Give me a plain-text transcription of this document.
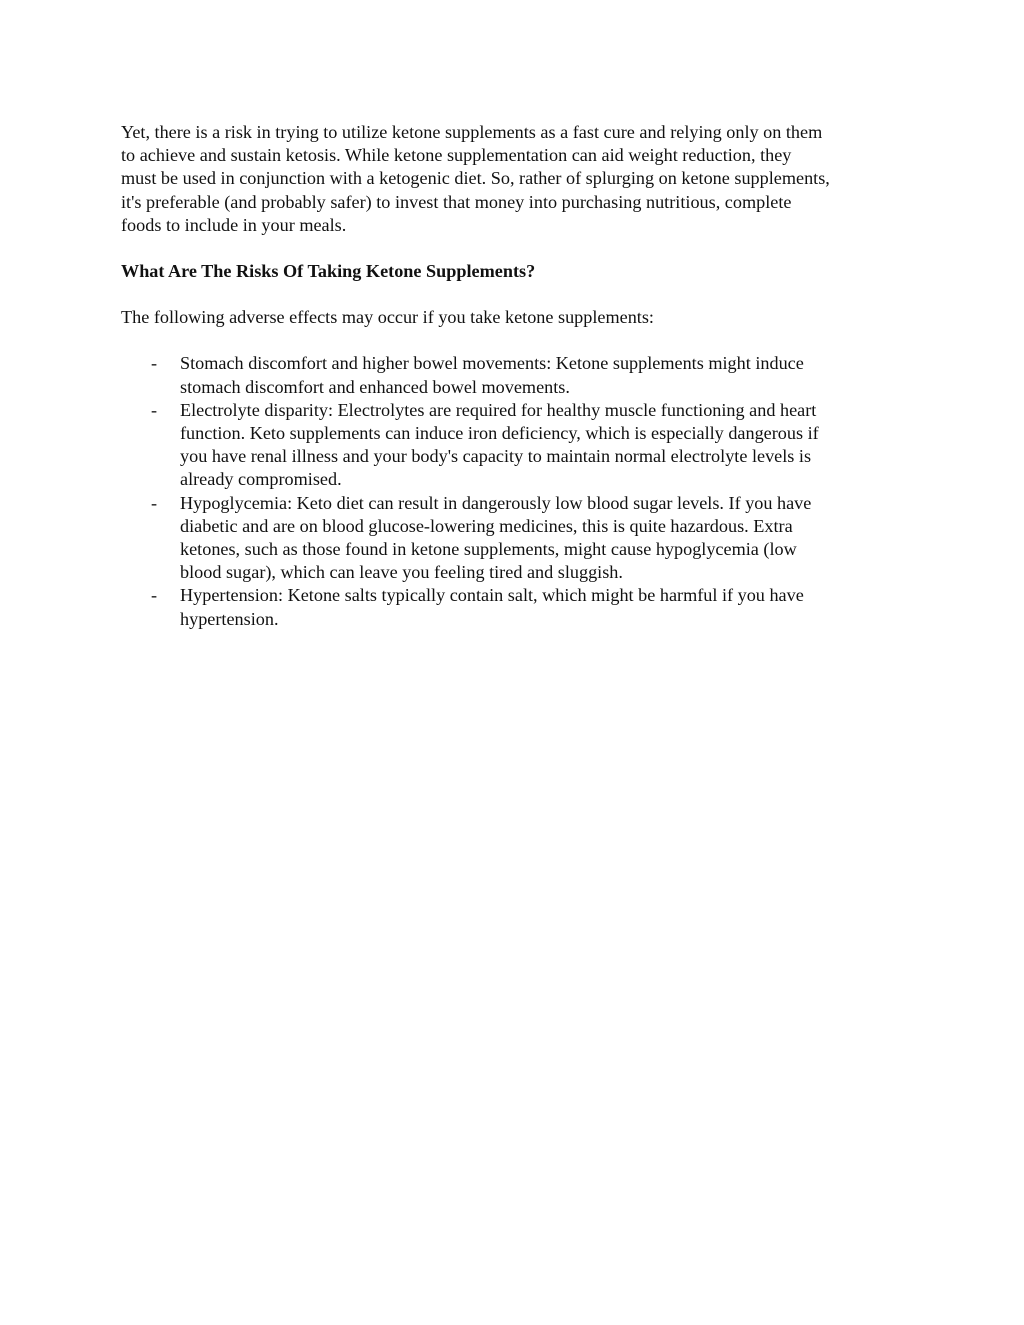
Yet, there is a risk in trying to utilize ketone supplements as a fast cure and relying only on them
to achieve and sustain ketosis. While ketone supplementation can aid weight reduction, they
must be used in conjunction with a ketogenic diet. So, rather of splurging on ketone supplements,
it's preferable (and probably safer) to invest that money into purchasing nutritious, complete
foods to include in your meals.

What Are The Risks Of Taking Ketone Supplements?

The following adverse effects may occur if you take ketone supplements:

-	Stomach discomfort and higher bowel movements: Ketone supplements might induce
stomach discomfort and enhanced bowel movements.
-	Electrolyte disparity: Electrolytes are required for healthy muscle functioning and heart
function. Keto supplements can induce iron deficiency, which is especially dangerous if
you have renal illness and your body's capacity to maintain normal electrolyte levels is
already compromised.
-	Hypoglycemia: Keto diet can result in dangerously low blood sugar levels. If you have
diabetic and are on blood glucose-lowering medicines, this is quite hazardous. Extra
ketones, such as those found in ketone supplements, might cause hypoglycemia (low
blood sugar), which can leave you feeling tired and sluggish.
-	Hypertension: Ketone salts typically contain salt, which might be harmful if you have
hypertension.
